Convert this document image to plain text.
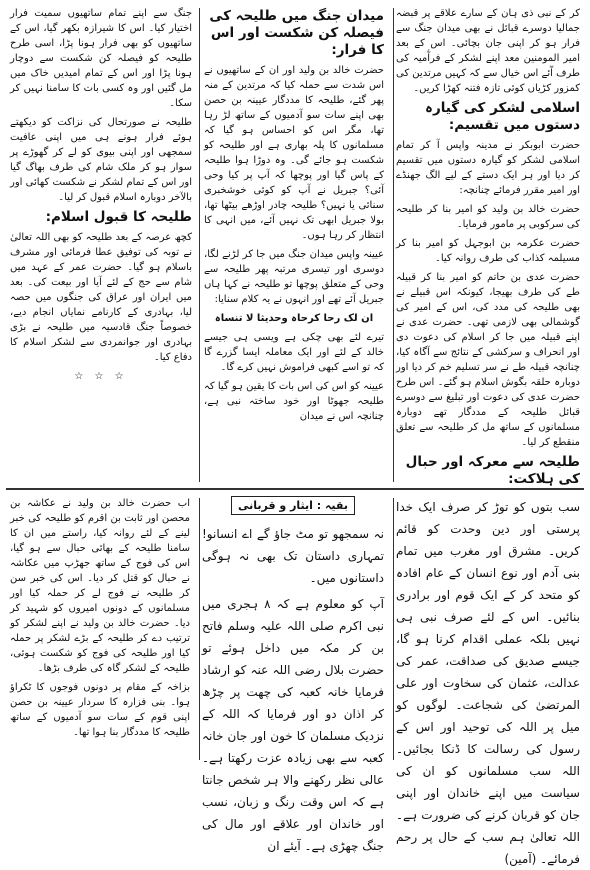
کر کے نبی ذی ہان کے سارے علاقے پر قبضہ جمالیا دوسرے قبائل نے بھی میدان جنگ سے فرار ہو کر اپنی جان بچائی۔ اس کے بعد امیر المومنین معد اپنے لشکر کے فرآٔمیہ کی طرف آٓئے اس خیال سے کہ کہیں مرتدین کی کمزور کڑیاں کوئی تازہ فتنہ کھڑا کریں۔

اسلامی لشکر کی گیارہ دستوں میں تقسیم:

حضرت ابوبکر نے مدینہ واپس آ کر تمام اسلامی لشکر کو گیارہ دستوں میں تقسیم کر دیا اور ہر ایک دستے کے لیے الگ جھنڈے اور امیر مقرر فرمائے چنانچہ:

حضرت خالد بن ولید کو امیر بنا کر طلیحہ کی سرکوبی پر مامور فرمایا۔

حضرت عکرمہ بن ابوجہل کو امیر بنا کر مسیلمہ کذاب کی طرف روانہ کیا۔

حضرت عدی بن حاتم کو امیر بنا کر قبیلہ طے کی طرف بھیجا، کیونکہ اس قبیلے نے بھی طلیحہ کی مدد کی، اس کے امیر کی گوشمالی بھی لازمی تھی۔ حضرت عدی نے اپنے قبیلہ میں جا کر اسلام کی دعوت دی اور انحراف و سرکشی کے نتائج سے آگاہ کیا، چنانچہ قبیلہ طے نے سر تسلیم خم کر دیا اور دوبارہ حلقہ بگوش اسلام ہو گئے۔ اس طرح حضرت عدی کی دعوت اور تبلیغ سے دوسرے قبائل طلیحہ کے مددگار تھے دوبارہ مسلمانوں کے ساتھ مل کر طلیحہ سے تعلق منقطع کر لیا۔

طلیحہ سے معرکہ اور حبال کی ہلاکت:
میدان جنگ میں طلیحہ کی فیصلہ کن شکست اور اس کا فرار:

حضرت خالد بن ولید اور ان کے ساتھیوں نے اس شدت سے حملہ کیا کہ مرتدین کے منہ پھر گئے، طلیحہ کا مددگار عیینہ بن حصن بھی اپنے سات سو آدمیوں کے ساتھ لڑ رہا تھا، مگر اس کو احساس ہو گیا کہ مسلمانوں کا پلہ بھاری ہے اور طلیحہ کو شکست ہو جائے گی۔ وہ دوڑا ہوا طلیحہ کے پاس گیا اور پوچھا کہ آپ پر کیا وحی آئی؟ جبریل نے آپ کو کوئی خوشخبری سنائی یا نہیں؟ طلیحہ چادر اوڑھے بیٹھا تھا، بولا جبریل ابھی تک نہیں آئے، میں انہی کا انتظار کر رہا ہوں۔

عیینہ واپس میدان جنگ میں جا کر لڑنے لگا، دوسری اور تیسری مرتبہ پھر طلیحہ سے وحی کے متعلق پوچھا تو طلیحہ نے کہا ہاں جبریل آئے تھے اور انہوں نے یہ کلام سنایا:

ان لک رحا کرحاہ وحدیثا لا تنساہ

تیرے لئے بھی چکی ہے ویسی ہی جیسے خالد کے لئے اور ایک معاملہ ایسا گزرے گا کہ تو اسے کبھی فراموش نہیں کرے گا۔

عیینہ کو اس کی اس بات کا یقین ہو گیا کہ طلیحہ جھوٹا اور خود ساختہ نبی ہے، چنانچہ اس نے میدان

جنگ سے اپنے تمام ساتھیوں سمیت فرار اختیار کیا۔ اس کا شیرازہ بکھر گیا، اس کے ساتھیوں کو بھی فرار ہونا پڑا، اسی طرح طلیحہ کو فیصلہ کن شکست سے دوچار ہونا پڑا اور اس کے تمام امیدیں خاک میں مل گئیں اور وہ کسی بات کا سامنا نہیں کر سکا۔

طلیحہ نے صورتحال کی نزاکت کو دیکھتے ہوئے فرار ہونے ہی میں اپنی عافیت سمجھی اور اپنی بیوی کو لے کر گھوڑے پر سوار ہو کر ملک شام کی طرف بھاگ گیا اور اس کے تمام لشکر نے شکست کھائی اور بالآخر دوبارہ اسلام قبول کر لیا۔

طلیحہ کا قبول اسلام:

کچھ عرصہ کے بعد طلیحہ کو بھی اللہ تعالیٰ نے توبہ کی توفیق عطا فرمائی اور مشرف باسلام ہو گیا۔ حضرت عمر کے عہد میں شام سے حج کے لئے آیا اور بیعت کی۔ بعد میں ایران اور عراق کی جنگوں میں حصہ لیا، بہادری کے کارنامے نمایاں انجام دیے، خصوصاً جنگ قادسیہ میں طلیحہ نے بڑی بہادری اور جوانمردی سے لشکر اسلام کا دفاع کیا۔

☆ ☆ ☆

سب بتوں کو توڑ کر صرف ایک خدا پرستی اور دین وحدت کو قائم کریں۔ مشرق اور مغرب میں تمام بنی آدم اور نوع انسان کے عام افادہ کو متحد کر کے ایک قوم اور برادری بنائیں۔ اس کے لئے صرف نبی ہی نہیں بلکہ عملی اقدام کرنا ہو گا، جیسے صدیق کی صداقت، عمر کی عدالت، عثمان کی سخاوت اور علی المرتضیٰ کی شجاعت۔ لوگوں کو میل پر اللہ کی توحید اور اس کے رسول کی رسالت کا ڈنکا بجائیں۔ اللہ سب مسلمانوں کو ان کی سیاست میں اپنے خاندان اور اپنی جان کو قربان کرنے کی ضرورت ہے۔ اللہ تعالیٰ ہم سب کے حال پر رحم فرمائے۔ (آمین)

بقیہ : ایثار و قربانی

نہ سمجھو تو مٹ جاؤ گے اے انسانو! تمہاری داستان تک بھی نہ ہوگی داستانوں میں۔

آپ کو معلوم ہے کہ ۸ ہجری میں نبی اکرم صلی اللہ علیہ وسلم فاتح بن کر مکہ میں داخل ہوئے تو حضرت بلال رضی اللہ عنہ کو ارشاد فرمایا خانہ کعبہ کی چھت پر چڑھ کر اذان دو اور فرمایا کہ اللہ کے نزدیک مسلمان کا خون اور جان خانہ کعبہ سے بھی زیادہ عزت رکھتا ہے۔ عالی نظر رکھنے والا ہر شخص جانتا ہے کہ اس وقت رنگ و زبان، نسب اور خاندان اور علاقے اور مال کی جنگ چھڑی ہے۔ آیئے ان

اب حضرت خالد بن ولید نے عکاشہ بن محصن اور ثابت بن اقرم کو طلیحہ کی خبر لینے کے لئے روانہ کیا، راستے میں ان کا سامنا طلیحہ کے بھائی حبال سے ہو گیا، اس کی فوج کے ساتھ جھڑپ میں عکاشہ نے حبال کو قتل کر دیا۔ اس کی خبر سن کر طلیحہ نے فوج لے کر حملہ کیا اور مسلمانوں کے دونوں امیروں کو شہید کر دیا۔ حضرت خالد بن ولید نے اپنے لشکر کو ترتیب دے کر طلیحہ کے بڑے لشکر پر حملہ کیا اور طلیحہ کی فوج کو شکست ہوئی، طلیحہ کے لشکر گاہ کی طرف بڑھا۔

بزاخہ کے مقام پر دونوں فوجوں کا ٹکراؤ ہوا۔ بنی فزارہ کا سردار عیینہ بن حصن اپنی قوم کے سات سو آدمیوں کے ساتھ طلیحہ کا مددگار بنا ہوا تھا۔
